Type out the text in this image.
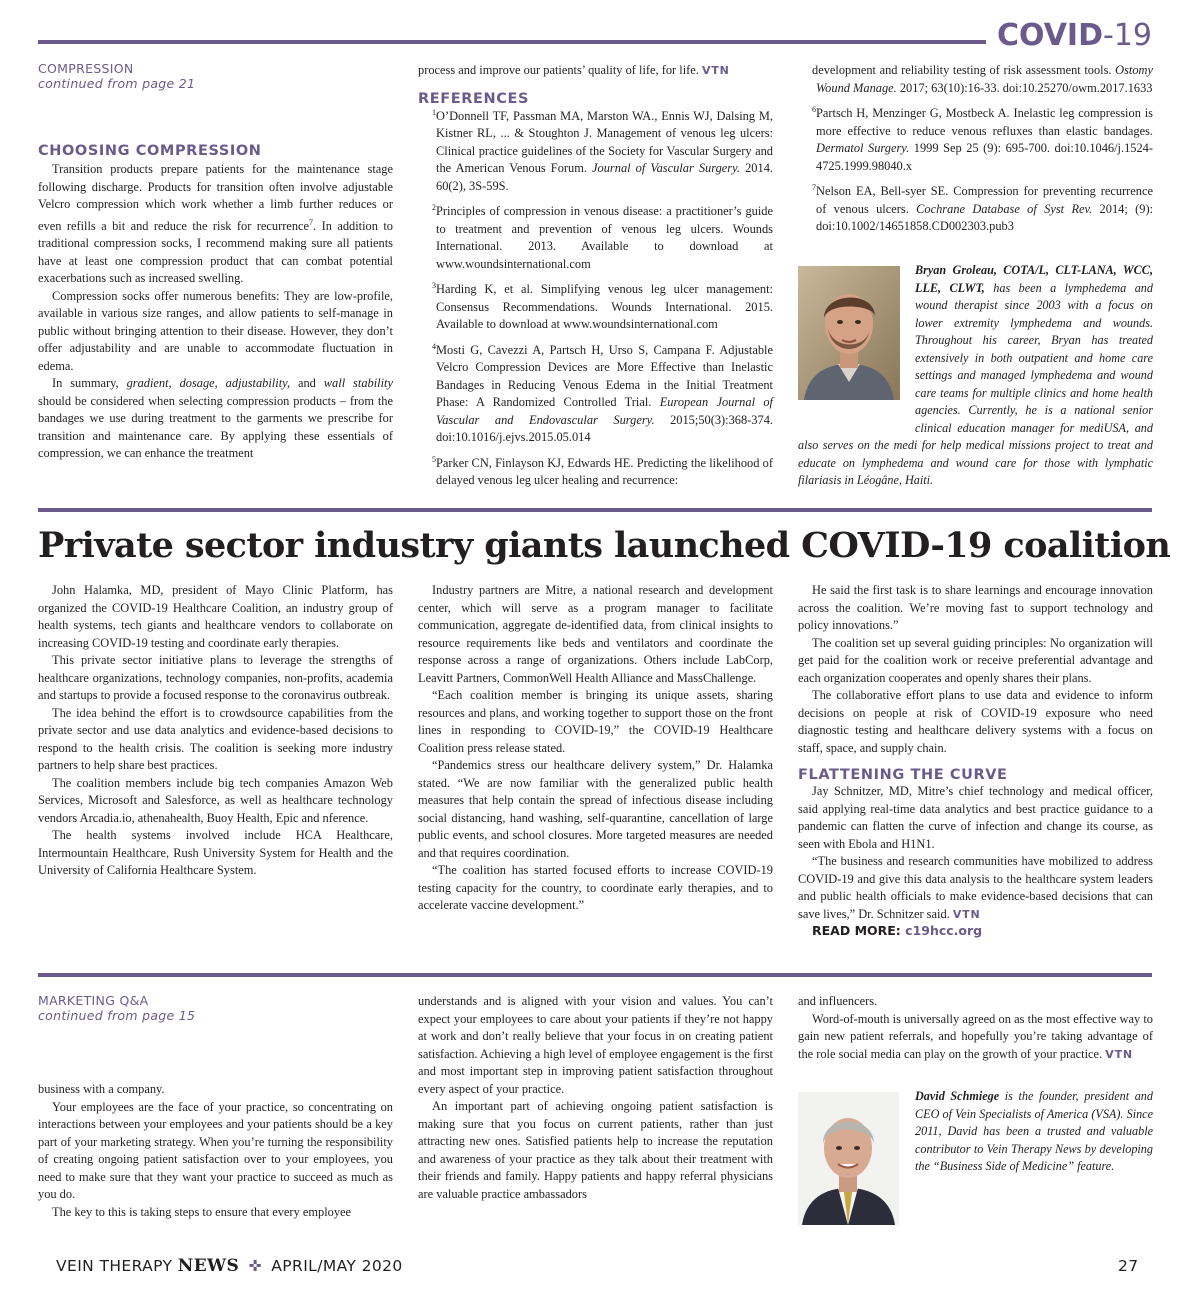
COVID-19
COMPRESSION
continued from page 21
CHOOSING COMPRESSION

Transition products prepare patients for the maintenance stage following discharge. Products for transition often involve adjustable Velcro compression which work whether a limb further reduces or even refills a bit and reduce the risk for recurrence$^7$. In addition to traditional compression socks, I recommend making sure all patients have at least one compression product that can combat potential exacerbations such as increased swelling.

Compression socks offer numerous benefits: They are low-profile, available in various size ranges, and allow patients to self-manage in public without bringing attention to their disease. However, they don’t offer adjustability and are unable to accommodate fluctuation in edema.

In summary, gradient, dosage, adjustability, and wall stability should be considered when selecting compression products – from the bandages we use during treatment to the garments we prescribe for transition and maintenance care. By applying these essentials of compression, we can enhance the treatment

process and improve our patients’ quality of life, for life. VTN

REFERENCES
$^1$O’Donnell TF, Passman MA, Marston WA., Ennis WJ, Dalsing M, Kistner RL, ... & Stoughton J. Management of venous leg ulcers: Clinical practice guidelines of the Society for Vascular Surgery and the American Venous Forum. Journal of Vascular Surgery. 2014. 60(2), 3S-59S.
$^2$Principles of compression in venous disease: a practitioner’s guide to treatment and prevention of venous leg ulcers. Wounds International. 2013. Available to download at www.woundsinternational.com
$^3$Harding K, et al. Simplifying venous leg ulcer management: Consensus Recommendations. Wounds International. 2015. Available to download at www.woundsinternational.com
$^4$Mosti G, Cavezzi A, Partsch H, Urso S, Campana F. Adjustable Velcro Compression Devices are More Effective than Inelastic Bandages in Reducing Venous Edema in the Initial Treatment Phase: A Randomized Controlled Trial. European Journal of Vascular and Endovascular Surgery. 2015;50(3):368-374. doi:10.1016/j.ejvs.2015.05.014
$^5$Parker CN, Finlayson KJ, Edwards HE. Predicting the likelihood of delayed venous leg ulcer healing and recurrence:
development and reliability testing of risk assessment tools. Ostomy Wound Manage. 2017; 63(10):16-33. doi:10.25270/owm.2017.1633
$^6$Partsch H, Menzinger G, Mostbeck A. Inelastic leg compression is more effective to reduce venous refluxes than elastic bandages. Dermatol Surgery. 1999 Sep 25 (9): 695-700. doi:10.1046/j.1524-4725.1999.98040.x
$^7$Nelson EA, Bell-syer SE. Compression for preventing recurrence of venous ulcers. Cochrane Database of Syst Rev. 2014; (9): doi:10.1002/14651858.CD002303.pub3
Bryan Groleau, COTA/L, CLT-LANA, WCC, LLE, CLWT, has been a lymphedema and wound therapist since 2003 with a focus on lower extremity lymphedema and wounds. Throughout his career, Bryan has treated extensively in both outpatient and home care settings and managed lymphedema and wound care teams for multiple clinics and home health agencies. Currently, he is a national senior
clinical education manager for mediUSA, and also serves on the medi for help medical missions project to treat and educate on lymphedema and wound care for those with lymphatic filariasis in Léogâne, Haiti.
Private sector industry giants launched COVID-19 coalition

John Halamka, MD, president of Mayo Clinic Platform, has organized the COVID-19 Healthcare Coalition, an industry group of health systems, tech giants and healthcare vendors to collaborate on increasing COVID-19 testing and coordinate early therapies.

This private sector initiative plans to leverage the strengths of healthcare organizations, technology companies, non-profits, academia and startups to provide a focused response to the coronavirus outbreak.

The idea behind the effort is to crowdsource capabilities from the private sector and use data analytics and evidence-based decisions to respond to the health crisis. The coalition is seeking more industry partners to help share best practices.

The coalition members include big tech companies Amazon Web Services, Microsoft and Salesforce, as well as healthcare technology vendors Arcadia.io, athenahealth, Buoy Health, Epic and nference.

The health systems involved include HCA Healthcare, Intermountain Healthcare, Rush University System for Health and the University of California Healthcare System.

Industry partners are Mitre, a national research and development center, which will serve as a program manager to facilitate communication, aggregate de-identified data, from clinical insights to resource requirements like beds and ventilators and coordinate the response across a range of organizations. Others include LabCorp, Leavitt Partners, CommonWell Health Alliance and MassChallenge.

“Each coalition member is bringing its unique assets, sharing resources and plans, and working together to support those on the front lines in responding to COVID-19,” the COVID-19 Healthcare Coalition press release stated.

“Pandemics stress our healthcare delivery system,” Dr. Halamka stated. “We are now familiar with the generalized public health measures that help contain the spread of infectious disease including social distancing, hand washing, self-quarantine, cancellation of large public events, and school closures. More targeted measures are needed and that requires coordination.

“The coalition has started focused efforts to increase COVID-19 testing capacity for the country, to coordinate early therapies, and to accelerate vaccine development.”

He said the first task is to share learnings and encourage innovation across the coalition. We’re moving fast to support technology and policy innovations.”

The coalition set up several guiding principles: No organization will get paid for the coalition work or receive preferential advantage and each organization cooperates and openly shares their plans.

The collaborative effort plans to use data and evidence to inform decisions on people at risk of COVID-19 exposure who need diagnostic testing and healthcare delivery systems with a focus on staff, space, and supply chain.

FLATTENING THE CURVE

Jay Schnitzer, MD, Mitre’s chief technology and medical officer, said applying real-time data analytics and best practice guidance to a pandemic can flatten the curve of infection and change its course, as seen with Ebola and H1N1.

“The business and research communities have mobilized to address COVID-19 and give this data analysis to the healthcare system leaders and public health officials to make evidence-based decisions that can save lives,” Dr. Schnitzer said. VTN

READ MORE: c19hcc.org
MARKETING Q&A
continued from page 15

business with a company.

Your employees are the face of your practice, so concentrating on interactions between your employees and your patients should be a key part of your marketing strategy. When you’re turning the responsibility of creating ongoing patient satisfaction over to your employees, you need to make sure that they want your practice to succeed as much as you do.

The key to this is taking steps to ensure that every employee

understands and is aligned with your vision and values. You can’t expect your employees to care about your patients if they’re not happy at work and don’t really believe that your focus in on creating patient satisfaction. Achieving a high level of employee engagement is the first and most important step in improving patient satisfaction throughout every aspect of your practice.

An important part of achieving ongoing patient satisfaction is making sure that you focus on current patients, rather than just attracting new ones. Satisfied patients help to increase the reputation and awareness of your practice as they talk about their treatment with their friends and family. Happy patients and happy referral physicians are valuable practice ambassadors

and influencers.

Word-of-mouth is universally agreed on as the most effective way to gain new patient referrals, and hopefully you’re taking advantage of the role social media can play on the growth of your practice. VTN

David Schmiege is the founder, president and CEO of Vein Specialists of America (VSA). Since 2011, David has been a trusted and valuable contributor to Vein Therapy News by developing the “Business Side of Medicine” feature.
VEIN THERAPY NEWS ✜ APRIL/MAY 2020	27
